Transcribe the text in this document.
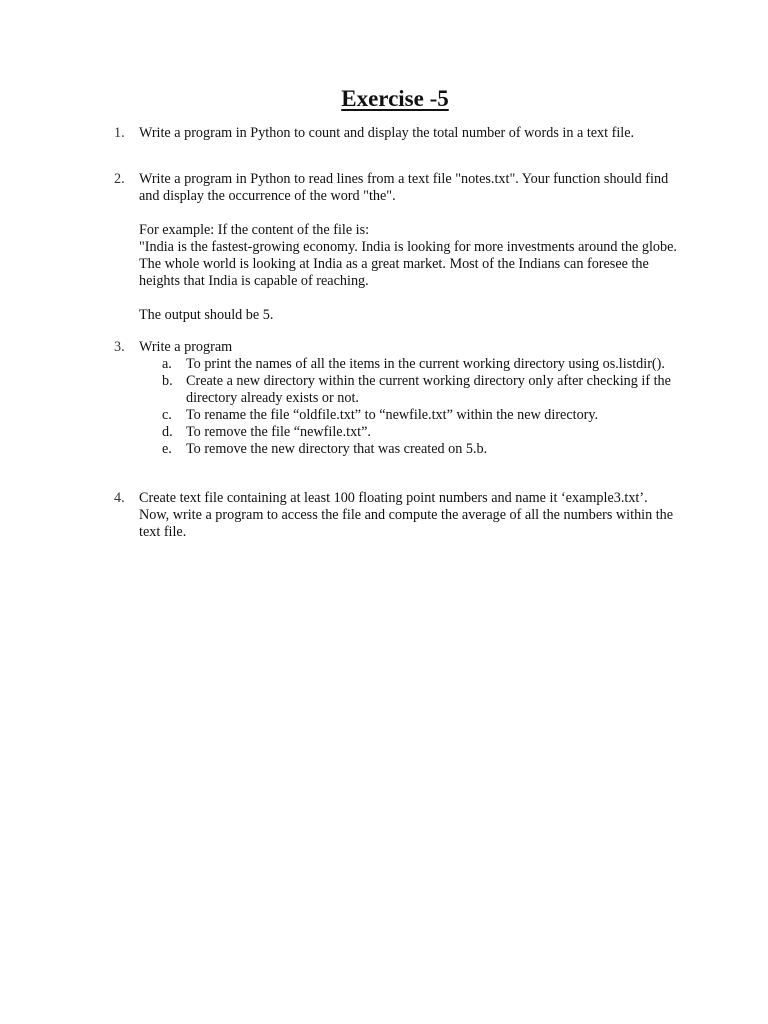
Exercise -5
1.	Write a program in Python to count and display the total number of words in a text file.

2.	Write a program in Python to read lines from a text file "notes.txt". Your function should find and display the occurrence of the word "the".

For example: If the content of the file is:

"India is the fastest-growing economy. India is looking for more investments around the globe. The whole world is looking at India as a great market. Most of the Indians can foresee the heights that India is capable of reaching.

The output should be 5.

3.	Write a program

a. To print the names of all the items in the current working directory using os.listdir().
b. Create a new directory within the current working directory only after checking if the directory already exists or not.
c. To rename the file “oldfile.txt” to “newfile.txt” within the new directory.
d. To remove the file “newfile.txt”.
e. To remove the new directory that was created on 5.b.
4.	Create text file containing at least 100 floating point numbers and name it ‘example3.txt’. Now, write a program to access the file and compute the average of all the numbers within the text file.
